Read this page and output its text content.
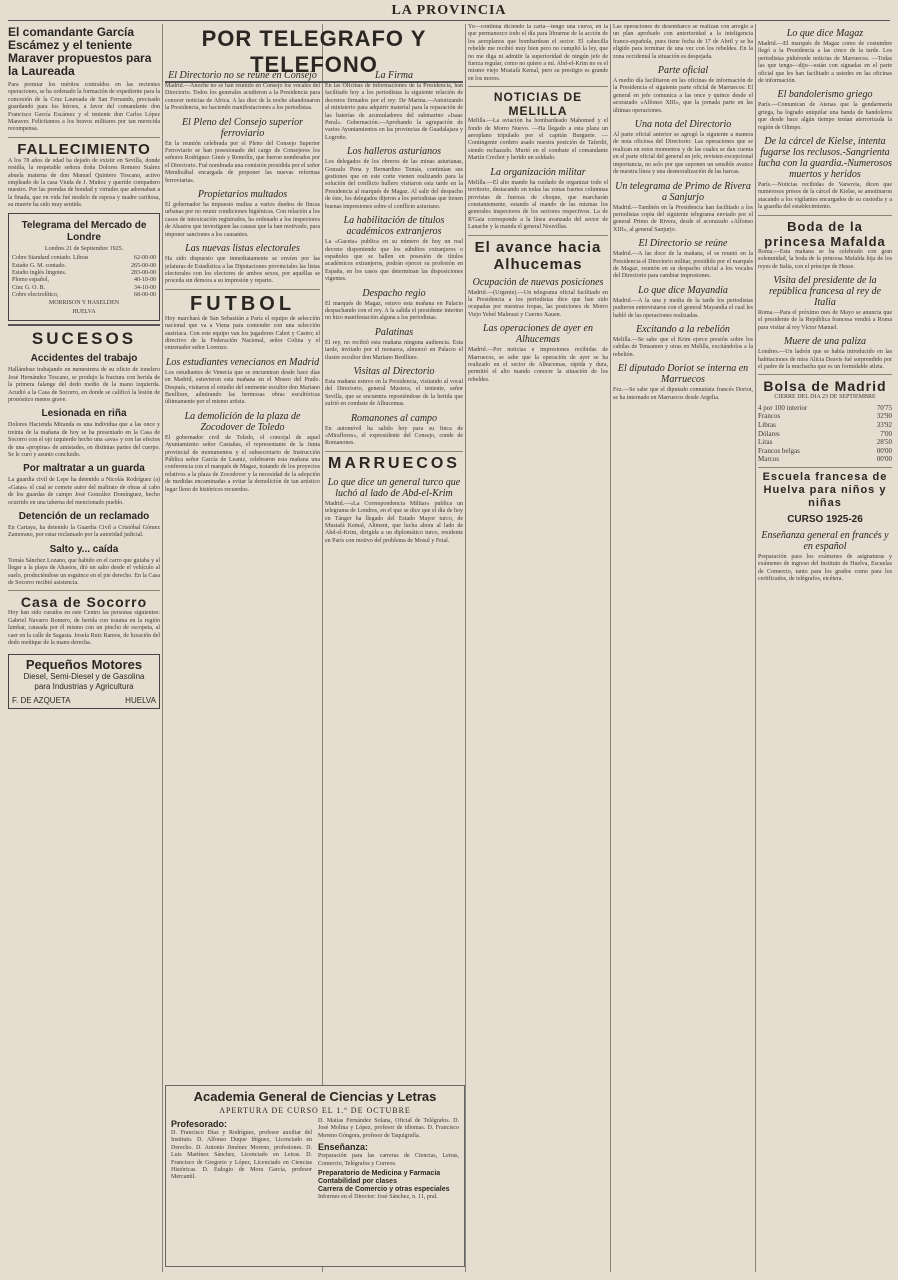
LA PROVINCIA
El comandante García Escámez y el teniente Maraver propuestos para la Laureada

Para premiar los méritos contraídos en las recientes operaciones, se ha ordenado la formación de expediente para la concesión de la Cruz Laureada de San Fernando, precisado guardando para los héroes, a favor del comandante don Francisco García Escámez y el teniente don Carlos López Maraver. Felicitamos a los bravos militares por tan merecida recompensa.

FALLECIMIENTO

A los 78 años de edad ha dejado de existir en Sevilla, donde residía, la respetable señora doña Dolores Romero Suárez abuela materna de don Manuel Quintero Toscano, activo empleado de la casa Viuda de J. Muñoz y querido compañero nuestro. Por las prendas de bondad y virtudes que adornaban a la finada, que en vida fué modelo de esposa y madre cariñosa, su muerte ha sido muy sentida.

Telegrama del Mercado de Londre
Londres 21 de Septiembre 1925.
Cobre Standard contado. Libras	62-00-00
Estaño G. M. contado.	265-00-00
Estaño inglés lingotes.	283-00-00
Plomo español,	40-10-00
Cinc G. O. B.	34-10-00
Cobre electrolítico,	68-00-00
MORRISON Y HASELDEN
HUELVA
SUCESOS
Accidentes del trabajo

Hallándose trabajando en menestrera de su oficio de tonelero José Hernández Toscano, se produjo la fractura con herida de la primera falange del dedo medio de la mano izquierda. Acudió a la Casa de Socorro, en donde se calificó la lesión de pronóstico menos grave.

Lesionada en riña

Dolores Hacienda Miranda es una individua que a las once y treinta de la mañana de hoy se ha presentado en la Casa de Socorro con el ojo izquierdo hecho una «ava» y con las efectos de una «propina» de amistades, en distintas partes del cuerpo. Se le curó y asunto concluido.

Por maltratar a un guarda

La guardia civil de Lepe ha detenido a Nicolás Rodríguez (a) «Gatas» el cual se comete autor del maltrato de obras al cabo de los guardas de campo José González Domínguez, hecho ocurrido en una taberna del mencionado pueblo.

Detención de un reclamado

En Cartaya, ha detenido la Guardia Civil a Cristóbal Gómez Zamorano, por estar reclamado por la autoridad judicial.

Salto y... caída

Tomás Sánchez Lozano, que habido en el carro que guiaba y al llegar a la playa de Ahastos, dió un salto desde el vehículo al suelo, produciéndose un esguince en el pie derecho. En la Casa de Socorro recibió asistencia.

Casa de Socorro

Hoy han sido curados en este Centro las personas siguientes: Gabriel Navarro Romero, de herida con trauma en la región lumbar, causada por él mismo con un pincho de escopeta, al caer en la calle de Sagasta. Josefa Ruiz Ramos, de luxación del dedo meñique de la mano derecha.

Pequeños Motores
Diesel, Semi-Diesel y de Gasolina
para Industrias y Agricultura
F. DE AZQUETA	HUELVA
POR TELEGRAFO Y TELEFONO
El Directorio no se reúne en Consejo

Madrid.—Anoche no se han reunido en Consejo los vocales del Directorio. Todos los generales acudieron a la Presidencia para conocer noticias de Africa. A las diez de la noche abandonaron la Presidencia, no haciendo manifestaciones a los periodistas.

El Pleno del Consejo superior ferroviario

En la reunión celebrada por el Pleno del Consejo Superior Ferroviario se han posesionado del cargo de Consejeros los señores Rodríguez Ginés y Remolín, que fueron nombrados por el Directorio. Fué nombrada una comisión presidida por el señor Mendizábal encargada de proponer las nuevas reformas ferroviarias.

Propietarios multados

El gobernador ha impuesto multas a varios dueños de fincas urbanas por no reunir condiciones higiénicas. Con relación a los casos de intoxicación registrados, ha ordenado a los inspectores de Ahastos que investiguen las causas que la han motivado, para imponer sanciones a los causantes.

Las nuevas listas electorales

Ha sido dispuesto que inmediatamente se envíen por las jefaturas de Estadística a las Diputaciones provinciales las listas electorales con los electores de ambos sexos, por aquéllas se proceda sin demora a su impresión y reparto.

FUTBOL

Hoy marchará de San Sebastián a París el equipo de selección nacional que va a Viena para contender con una selección austríaca. Con este equipo van los jugadores Cabot y Castro; el directivo de la Federación Nacional, señor Colina y el entrenador señor Lorenzo.

Los estudiantes venecianos en Madrid

Los estudiantes de Venecia que se encuentran desde hace días en Madrid, estuvieron esta mañana en el Museo del Prado. Después, visitaron el estudio del eminente escultor don Mariano Benlliure, admirando las hermosas obras escultóricas últimamente por el mismo artista.

La demolición de la plaza de Zocodover de Toledo

El gobernador civil de Toledo, el concejal de aquel Ayuntamiento señor Castañas, el representante de la Junta provincial de monumentos y el subsecretario de Instrucción Pública señor García de Leaniz, celebraron esta mañana una conferencia con el marqués de Magaz, tratando de los proyectos relativos a la plaza de Zocodover y la necesidad de la adopción de medidas encaminadas a evitar la demolición de tan artístico lugar lleno de históricos recuerdos.

La Firma

En las Oficinas de informaciones de la Presidencia, han facilitado hoy a los periodistas la siguiente relación de decretos firmados por el rey: De Marina.—Autorizando al ministerio para adquirir material para la reparación de las baterías de acumuladores del submarino «Isaac Peral». Gobernación.—Aprobando la agrupación de varios Ayuntamientos en las provincias de Guadalajara y Logroño.

Los halleros asturianos

Los delegados de los obreros de las minas asturianas, Gonzalo Pena y Bernardino Tomás, continúan sus gestiones que en este corte vienen realizando para la solución del conflicto hullero visitaron esta tarde en la Presidencia al marqués de Magaz. Al salir del despacho de éste, los delegados dijeron a los periodistas que tienen buenas impresiones sobre el conflicto asturiano.

La habilitación de títulos académicos extranjeros

La «Gaceta» publica en su número de hoy un real decreto disponiendo que los súbditos extranjeros o españoles que se hallen en posesión de títulos académicos extranjeros, podrán ejercer su profesión en España, en los casos que determinan las disposiciones vigentes.

Despacho regio

El marqués de Magaz, estuvo esta mañana en Palacio despachando con el rey. A la salida el presidente interino no hizo manifestación alguna a los periodistas.

Palatinas

El rey, no recibió esta mañana ninguna audiencia. Esta tarde, invitado por el monarca, almorzó en Palacio el ilustre escultor don Mariano Benlliure.

Visitas al Directorio

Esta mañana estuvo en la Presidencia, visitando al vocal del Directorio, general Musiera, el teniente, señor Sevilla, que se encuentra reponiéndose de la herida que sufrió en combate de Alhucemas.

Romanones al campo

En automóvil ha salido hoy para su finca de «Miraflores», el expresidente del Consejo, conde de Romanones.

MARRUECOS
Lo que dice un general turco que luchó al lado de Abd-el-Krim

Madrid.—«La Correspondencia Militar» publica un telegrama de Londres, en el que se dice que el día de hoy en Tánger ha llegado del Estado Mayor turco, de Mustafá Kemal, Aliment, que lucha ahora al lado de Abd-el-Krim, dirigida a un diplomático turco, residente en París con motivo del problema de Mosul y Fetal.

Academia General de Ciencias y Letras
APERTURA DE CURSO EL 1.º DE OCTUBRE
Profesorado:

D. Francisco Díaz y Rodríguez, profesor auxiliar del Instituto. D. Alfonso Duque Iñiguez, Licenciado en Derecho. D. Antonio Jiménez Moreno, profesiones. D. Luis Martínez Sánchez, Licenciado en Letras. D. Francisco de Gregorio y López, Licenciado en Ciencias Históricas. D. Eulogio de Mora García, profesor Mercantil.

D. Matías Fernández Solana, Oficial de Telégrafos. D. José Molina y López, profesor de idiomas. D. Francisco Moreno Góngora, profesor de Taquigrafía.

Enseñanza:

Preparación para las carreras de Ciencias, Letras, Comercio, Telégrafos y Correos.

Preparatorio de Medicina y Farmacia
Contabilidad por clases
Carrera de Comercio y otras especiales
Informes en el Director: José Sánchez, n. 11, pral.

Yo—continúa diciendo la carta—tengo una cueva, en la que permanezco todo el día para librarme de la acción de los aeroplanos que bombardean el sector. El cabecilla rebelde me recibió muy bien pero no cumplió la ley, que no me diga ni admitir la superioridad de ningún jefe de fuerza regular, como no quiere a mí. Abd-el-Krim no es el mismo viejo Mustafá Kemal, pero su prestigio es grande en los moros.

NOTICIAS DE MELILLA

Melilla.—La aviación ha bombardeado Mahomed y el fondo de Morro Nuevo. —Ha llegado a esta plaza un aeroplano tripulado por el capitán Burguete. —Contingente cordero asado nuestra posición de Taferdit, siendo rechazado. Murió en el combate el comandante Martín Crechot y herido un soldado.

La organización militar

Melilla.—El alto mando ha cuidado de organizar todo el territorio, destacando en todas las zonas fuertes columnas provistas de fuerzas de choque, que marcharán constantemente, estando al mando de las mismas los generales inspectores de los sectores respectivos. La de R'Gaia corresponde a la línea avanzada del sector de Lanache y la manda el general Nouvillas.

El avance hacia Alhucemas
Ocupación de nuevas posiciones

Madrid.—(Urgente).—Un telegrama oficial facilitado en la Presidencia a los periodistas dice que han sido ocupadas por nuestras tropas, las posiciones de Morro Viejo Yebel Malmusi y Cuerno Xauen.

Las operaciones de ayer en Alhucemas

Madrid.—Por noticias e impresiones recibidas de Marruecos, se sabe que la operación de ayer se ha realizado en el sector de Alhucemas, rápida y dura, permitió el alto mando conocer la situación de los rebeldes.

Las operaciones de desembarco se realizan con arreglo a un plan aprobado con anterioridad a la inteligencia franco-española, pues tiene fecha de 17 de Abril y se ha eligido para terminar de una vez con los rebeldes. En la zona occidental la situación es despejada.

Parte oficial

A medio día facilitaron en las oficinas de información de la Presidencia el siguiente parte oficial de Marruecos: El general en jefe comunica a las once y quince desde el acorazado «Alfonso XIII», que la jornada parte en las últimas operaciones.

Una nota del Directorio

Al parte oficial anterior se agregó la siguiente a manera de nota oficiosa del Directorio: Las operaciones que se realizan en estos momentos y de las cuales se dan cuenta en el parte oficial del general en jefe, revisten excepcional importancia, no solo por que suponen un sensible avance de nuestra línea y una desmoralización de las harcas.

Un telegrama de Primo de Rivera a Sanjurjo

Madrid.—También en la Presidencia han facilitado a los periodistas copia del siguiente telegrama enviado por el general Primo de Rivera, desde el acorazado «Alfonso XIII», al general Sanjurjo.

El Directorio se reúne

Madrid.—A las doce de la mañana, el se reunió en la Presidencia el Directorio militar, presidido por el marqués de Magaz, reunión en su despacho oficial a los vocales del Directorio para cambiar impresiones.

Lo que dice Mayandía

Madrid.—A la una y media de la tarde los periodistas pudieron entrevistarse con el general Mayandía el cual les habló de las operaciones realizadas.

Excitando a la rebelión

Melilla.—Se sabe que el Krim ejerce presión sobre los cabilas de Tensamen y otras en Melilla, excitándolos a la rebelión.

El diputado Doriot se interna en Marruecos

Fez.—Se sabe que el diputado comunista francés Doriot, se ha internado en Marruecos desde Argelia.

Lo que dice Magaz

Madrid.—El marqués de Magaz como de costumbre llegó a la Presidencia a las cinco de la tarde. Los periodistas pidiéronle noticias de Marruecos. —Todas las que tengo—dijo—están con signadas en el parte oficial que les han facilitado a ustedes en las oficinas de información.

El bandolerismo griego

París.—Comunican de Atenas que la gendarmería griega, ha logrado aniquilar una banda de bandoleros que desde hace algún tiempo tenían aterrorizada la región de Olimpo.

De la cárcel de Kielse, intenta fugarse los reclusos.-Sangrienta lucha con la guardia.-Numerosos muertos y heridos

París.—Noticias recibidas de Varsovia, dicen que numerosos presos de la cárcel de Kielse, se amotinaron atacando a los vigilantes encargados de su custodia y a la guardia del establecimiento.

Boda de la princesa Mafalda

Roma.—Esta mañana se ha celebrado con gran solemnidad, la boda de la princesa Mafalda hija de los reyes de Italia, con el príncipe de Hesse.

Visita del presidente de la república francesa al rey de Italia

Roma.—Para el próximo mes de Mayo se anuncia que el presidente de la República francesa vendrá a Roma para visitar al rey Víctor Manuel.

Muere de una paliza

Londres.—Un ladrón que se había introducido en las habitaciones de miss Alicia Deavis fué sorprendido por el padre de la muchacha que es un formidable atleta.

Bolsa de Madrid
CIERRE DEL DIA 23 DE SEPTIEMBRE
4 por 100 interior	70'75
Francos	32'90
Libras	33'92
Dólares	7'00
Liras	28'50
Francos belgas	00'00
Marcos	00'00
Escuela francesa de Huelva para niños y niñas
CURSO 1925-26
Enseñanza general en francés y en español

Preparación para los exámenes de asignaturas y exámenes de ingreso del Instituto de Huelva, Escuelas de Comercio, tanto para los grados como para los certificados, de telégrafos, etcétera.
